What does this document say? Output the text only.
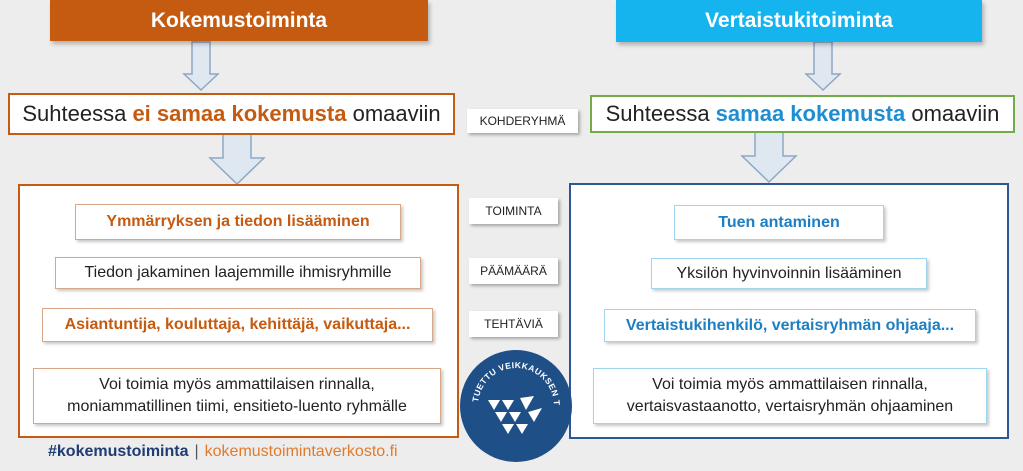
Kokemustoiminta	Vertaistukitoiminta
Suhteessa ei samaa kokemusta omaaviin	Suhteessa samaa kokemusta omaaviin
KOHDERYHMÄ
TOIMINTA
PÄÄMÄÄRÄ
TEHTÄVIÄ
Ymmärryksen ja tiedon lisääminen
Tiedon jakaminen laajemmille ihmisryhmille
Asiantuntija, kouluttaja, kehittäjä, vaikuttaja...
Voi toimia myös ammattilaisen rinnalla,
moniammatillinen tiimi, ensitieto-luento ryhmälle
Tuen antaminen
Yksilön hyvinvoinnin lisääminen
Vertaistukihenkilö, vertaisryhmän ohjaaja...
Voi toimia myös ammattilaisen rinnalla,
vertaisvastaanotto, vertaisryhmän ohjaaminen
TUETTU VEIKKAUKSEN T
#kokemustoiminta | kokemustoimintaverkosto.fi
